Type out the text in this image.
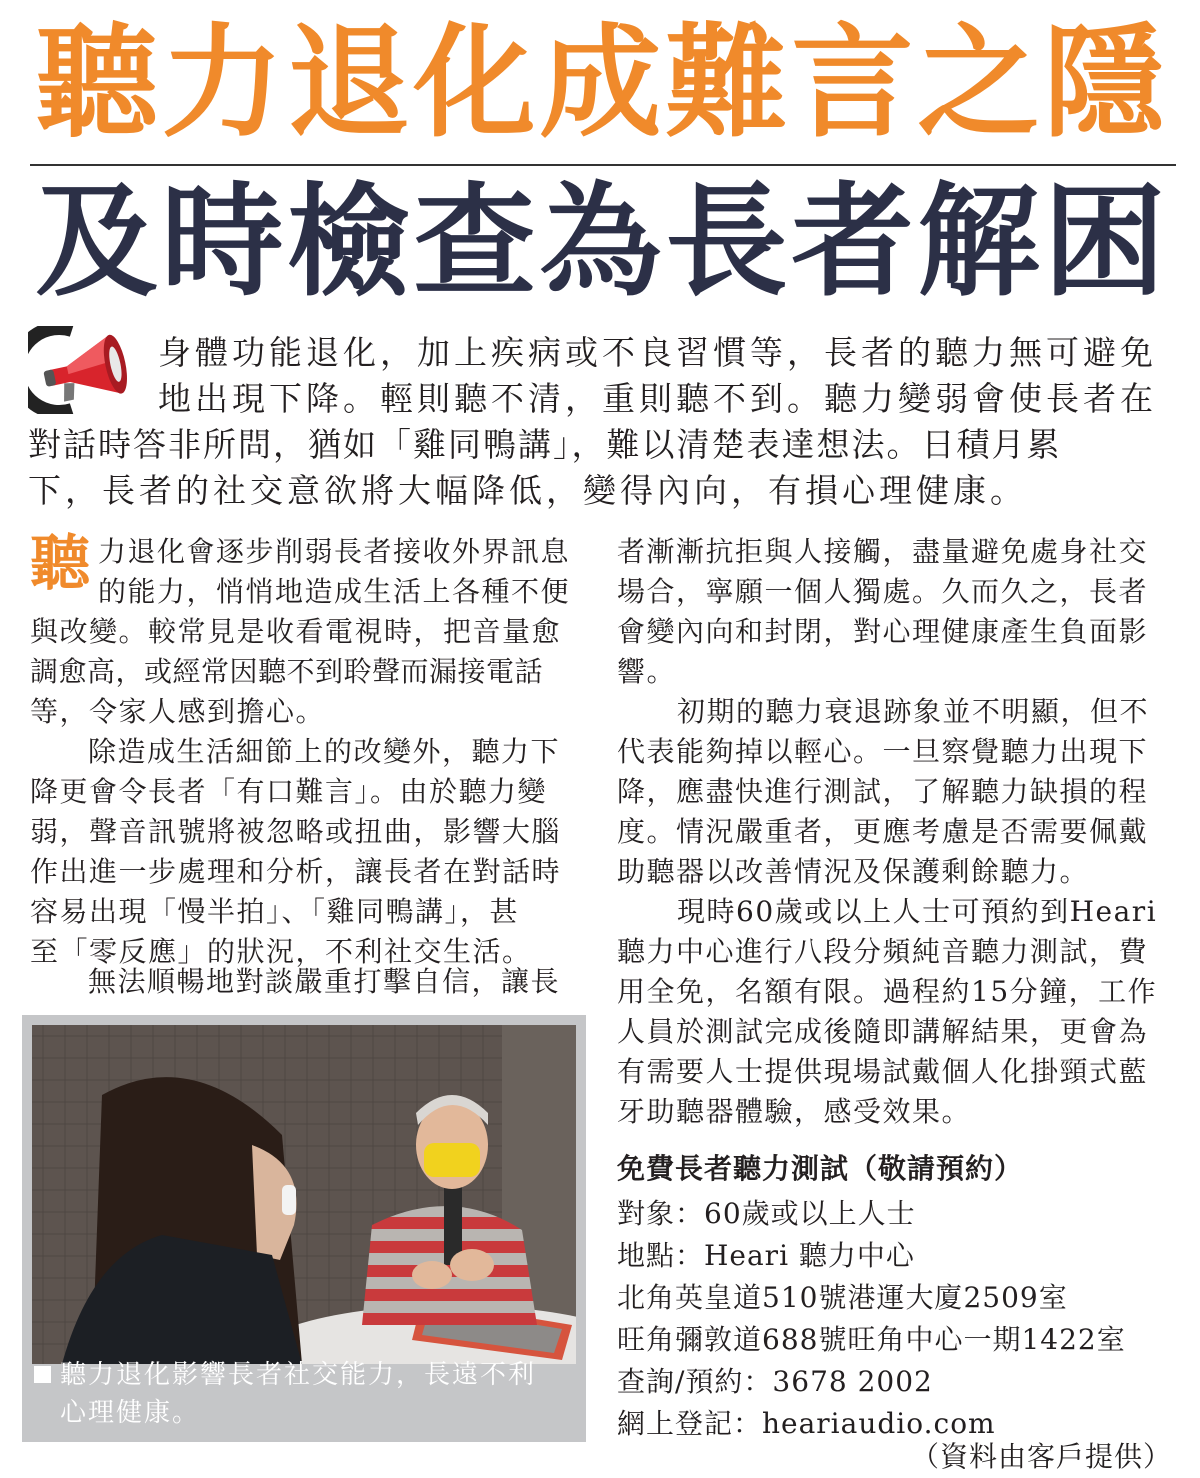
聽力退化成難言之隱
及時檢查為長者解困
身體功能退化，加上疾病或不良習慣等，長者的聽力無可避免
地出現下降。輕則聽不清，重則聽不到。聽力變弱會使長者在
對話時答非所問，猶如「雞同鴨講」，難以清楚表達想法。日積月累
下，長者的社交意欲將大幅降低，變得內向，有損心理健康。
聽 力退化會逐步削弱長者接收外界訊息
的能力，悄悄地造成生活上各種不便
與改變。較常見是收看電視時，把音量愈
調愈高，或經常因聽不到聆聲而漏接電話
等，令家人感到擔心。
除造成生活細節上的改變外，聽力下
降更會令長者「有口難言」。由於聽力變
弱，聲音訊號將被忽略或扭曲，影響大腦
作出進一步處理和分析，讓長者在對話時
容易出現「慢半拍」、「雞同鴨講」，甚
至「零反應」的狀況，不利社交生活。
無法順暢地對談嚴重打擊自信，讓長
聽力退化影響長者社交能力，長遠不利
心理健康。
者漸漸抗拒與人接觸，盡量避免處身社交
場合，寧願一個人獨處。久而久之，長者
會變內向和封閉，對心理健康產生負面影
響。
初期的聽力衰退跡象並不明顯，但不
代表能夠掉以輕心。一旦察覺聽力出現下
降，應盡快進行測試，了解聽力缺損的程
度。情況嚴重者，更應考慮是否需要佩戴
助聽器以改善情況及保護剩餘聽力。
現時60歲或以上人士可預約到Heari
聽力中心進行八段分頻純音聽力測試，費
用全免，名額有限。過程約15分鐘，工作
人員於測試完成後隨即講解結果，更會為
有需要人士提供現場試戴個人化掛頸式藍
牙助聽器體驗，感受效果。
免費長者聽力測試（敬請預約）
對象：60歲或以上人士
地點：Heari 聽力中心
北角英皇道510號港運大廈2509室
旺角彌敦道688號旺角中心一期1422室
查詢/預約：3678 2002
網上登記：heariaudio.com
（資料由客戶提供）
